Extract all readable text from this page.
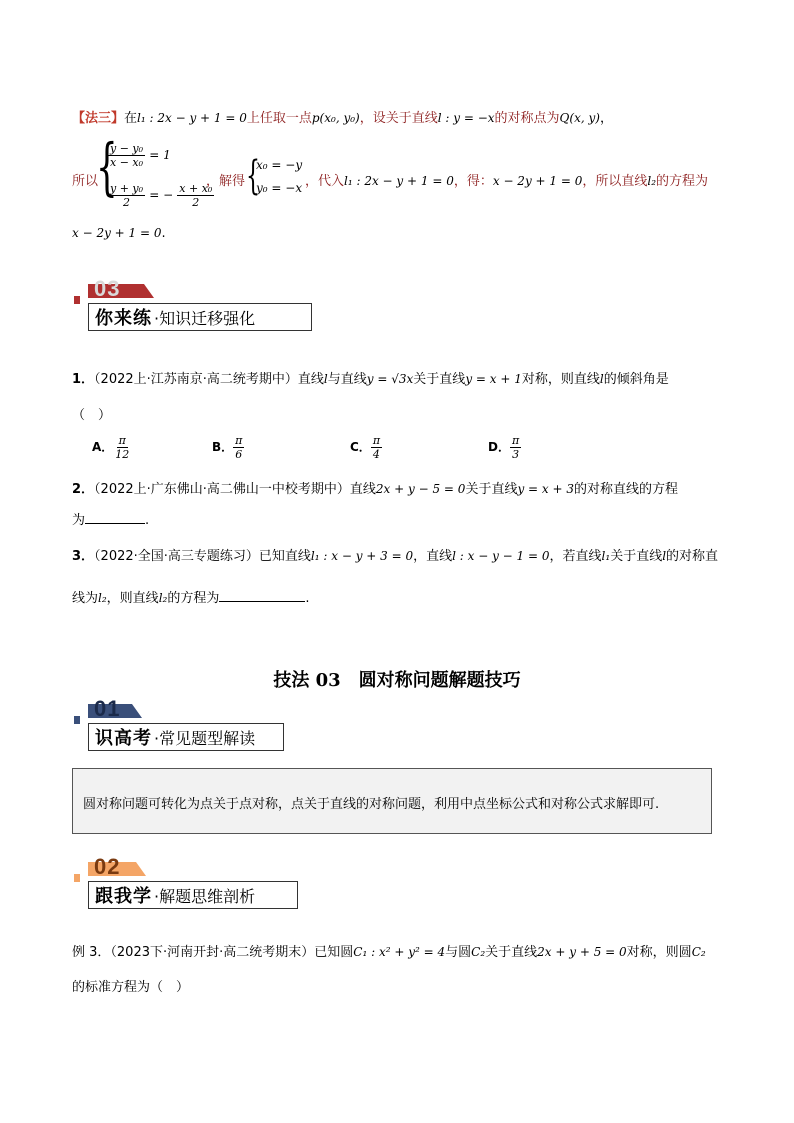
【法三】在l₁ : 2x − y + 1 = 0上任取一点p(x₀, y₀)，设关于直线l : y = −x的对称点为Q(x, y)，
所以
{
$\frac{\text{y − y₀}}{\text{x − x₀}} = 1$
$\frac{\text{y + y₀}}{2}$ = − $\frac{\text{x + x₀}}{2}$
，解得 {
x₀ = −y
y₀ = −x ，代入l₁ : 2x − y + 1 = 0，得：x − 2y + 1 = 0，所以直线l₂的方程为
x − 2y + 1 = 0.
03
你来练 ·知识迁移强化
1．（2022上·江苏南京·高二统考期中）直线l与直线y = √3x关于直线y = x + 1对称，则直线l的倾斜角是
（　）
A． $\frac{\pi}{12}$	B． $\frac{\pi}{6}$	C． $\frac{\pi}{4}$	D． $\frac{\pi}{3}$
2．（2022上·广东佛山·高二佛山一中校考期中）直线2x + y − 5 = 0关于直线y = x + 3的对称直线的方程
为	.
3．（2022·全国·高三专题练习）已知直线l₁ : x − y + 3 = 0，直线l : x − y − 1 = 0，若直线l₁关于直线l的对称直
线为l₂，则直线l₂的方程为	.
技法 03　圆对称问题解题技巧
01
识高考 ·常见题型解读
圆对称问题可转化为点关于点对称，点关于直线的对称问题，利用中点坐标公式和对称公式求解即可.
02
跟我学 ·解题思维剖析
例 3．（2023下·河南开封·高二统考期末）已知圆C₁ : x² + y² = 4与圆C₂关于直线2x + y + 5 = 0对称，则圆C₂
的标准方程为（　）
